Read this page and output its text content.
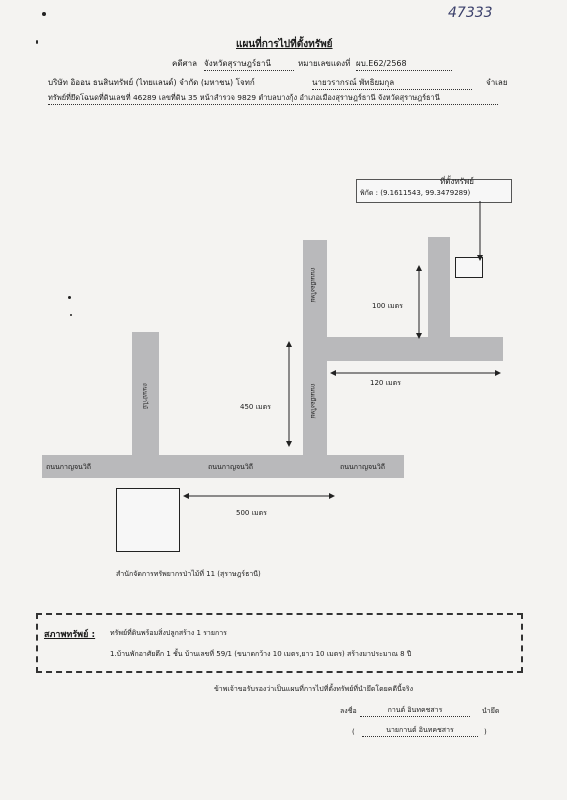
47333
แผนที่การไปที่ตั้งทรัพย์
คดีศาล จังหวัดสุราษฎร์ธานี	หมายเลขแดงที่ ผบ.E62/2568
บริษัท อิออน ธนสินทรัพย์ (ไทยแลนด์) จำกัด (มหาชน) โจทก์	นายวรากรณ์ พัทธิยมกุล	จำเลย
ทรัพย์ที่ยึดโฉนดที่ดินเลขที่ 46289 เลขที่ดิน 35 หน้าสำรวจ 9829 ตำบลบางกุ้ง อำเภอเมืองสุราษฎร์ธานี จังหวัดสุราษฎร์ธานี
ถนนกาญจนวิถี	ถนนกาญจนวิถี	ถนนกาญจนวิถี
ถนนเมืองใหม่
ถนนเมืองใหม่
ถนนป่าไม้
ที่ตั้งทรัพย์
พิกัด : (9.1611543, 99.3479289)
100 เมตร
120 เมตร
450 เมตร
500 เมตร
สำนักจัดการทรัพยากรป่าไม้ที่ 11 (สุราษฎร์ธานี)
สภาพทรัพย์ : ทรัพย์ที่ดินพร้อมสิ่งปลูกสร้าง 1 รายการ
1.บ้านพักอาศัยตึก 1 ชั้น บ้านเลขที่ 59/1 (ขนาดกว้าง 10 เมตร,ยาว 10 เมตร) สร้างมาประมาณ 8 ปี
ข้าพเจ้าขอรับรองว่าเป็นแผนที่การไปที่ตั้งทรัพย์ที่นำยึดโดยคดีนี้จริง
ลงชื่อ	กานต์ อินทคชสาร	นำยึด
(	นายกานต์ อินทคชสาร	)
